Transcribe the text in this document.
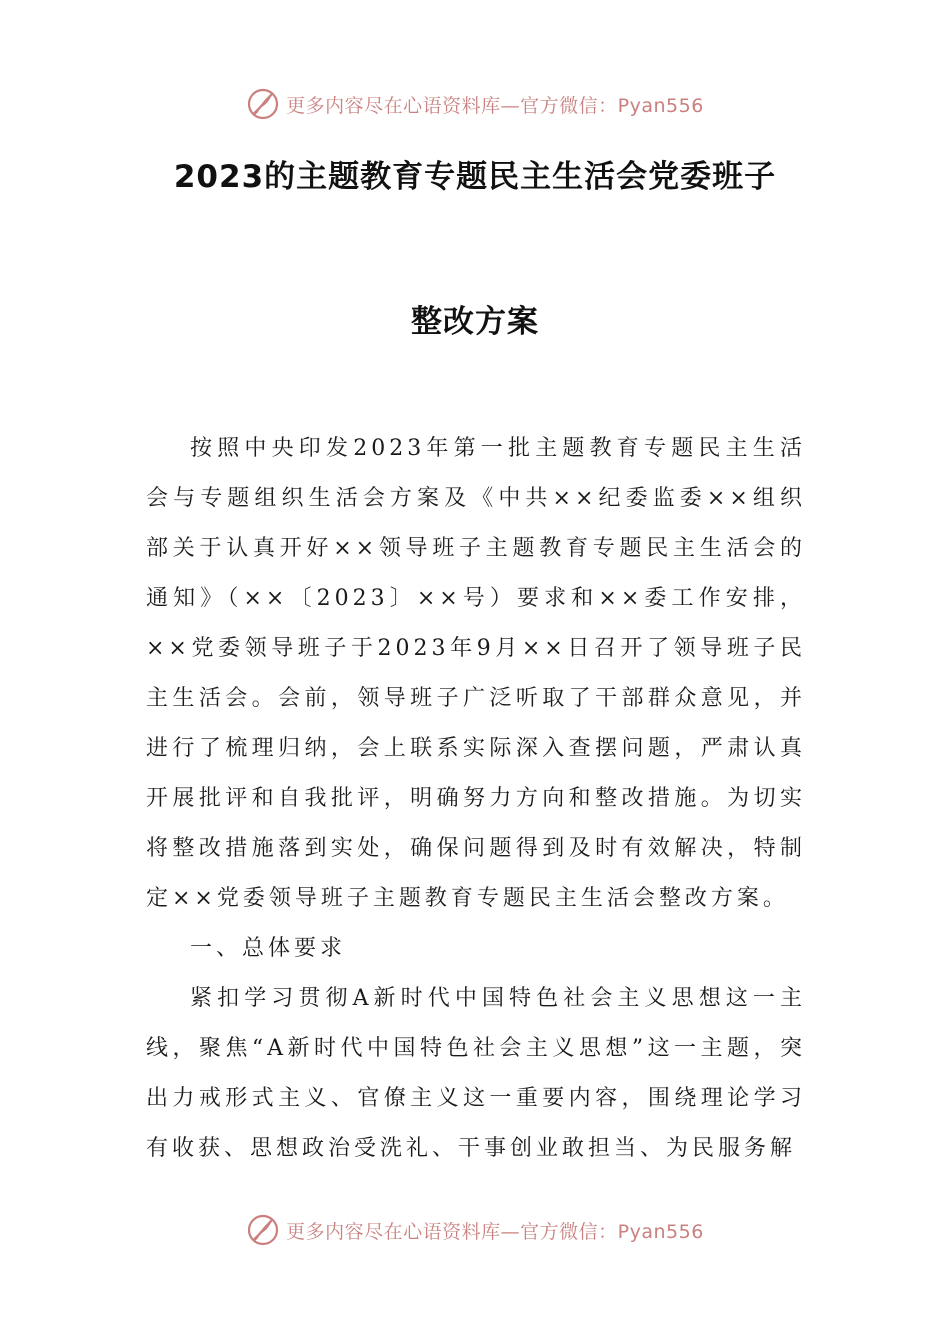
更多内容尽在心语资料库—官方微信：Pyan556
2023的主题教育专题民主生活会党委班子
整改方案

按照中央印发2023年第一批主题教育专题民主生活会与专题组织生活会方案及《中共××纪委监委××组织部关于认真开好××领导班子主题教育专题民主生活会的通知》（××〔2023〕××号）要求和××委工作安排，××党委领导班子于2023年9月××日召开了领导班子民主生活会。会前，领导班子广泛听取了干部群众意见，并进行了梳理归纳，会上联系实际深入查摆问题，严肃认真开展批评和自我批评，明确努力方向和整改措施。为切实将整改措施落到实处，确保问题得到及时有效解决，特制定××党委领导班子主题教育专题民主生活会整改方案。

一、总体要求

紧扣学习贯彻A新时代中国特色社会主义思想这一主线，聚焦“A新时代中国特色社会主义思想”这一主题，突出力戒形式主义、官僚主义这一重要内容，围绕理论学习有收获、思想政治受洗礼、干事创业敢担当、为民服务解

更多内容尽在心语资料库—官方微信：Pyan556
